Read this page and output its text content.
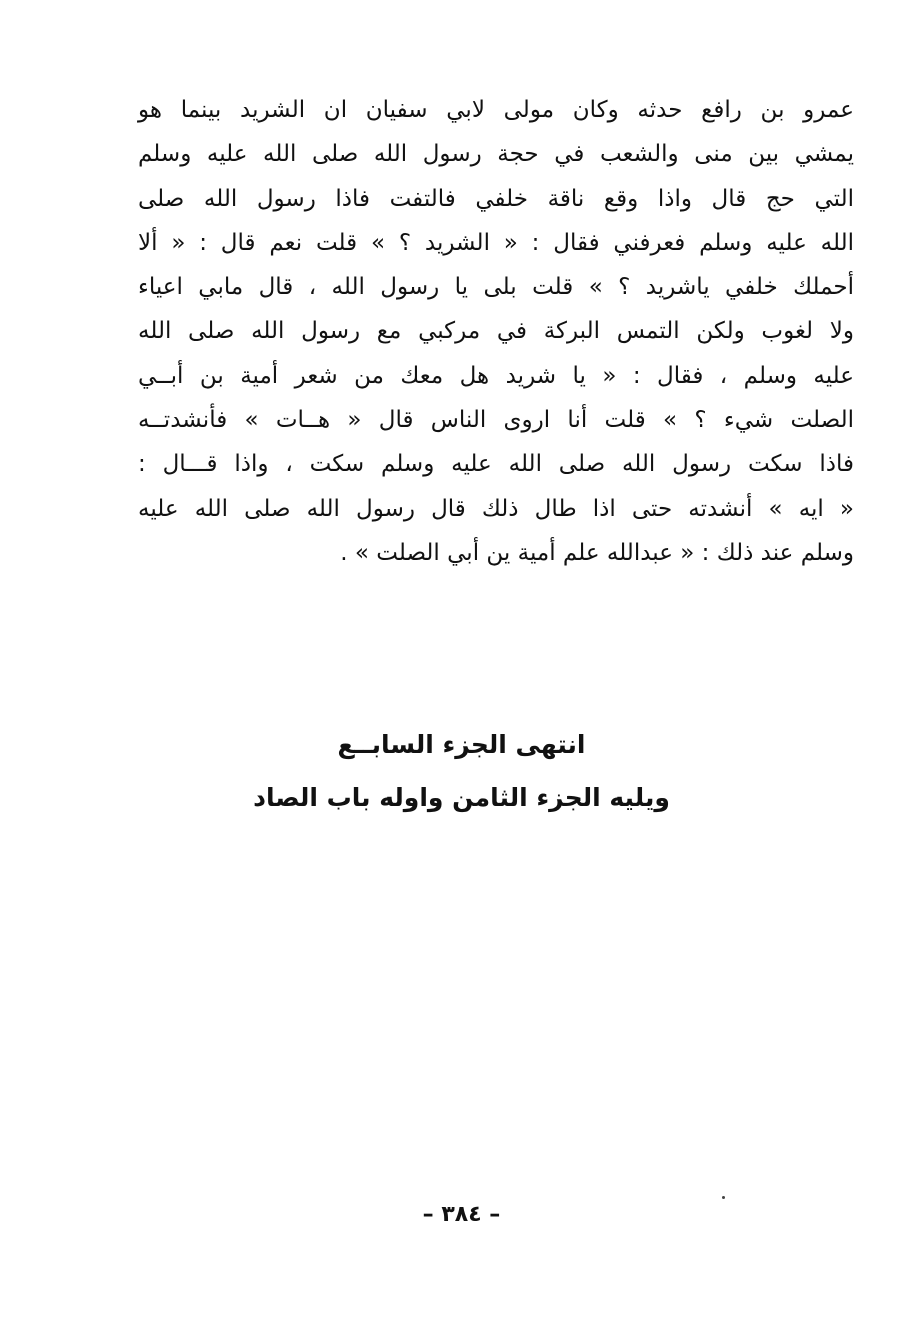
عمرو بن رافع حدثه وكان مولى لابي سفيان ان الشريد بينما هو
يمشي بين منى والشعب في حجة رسول الله صلى الله عليه وسلم
التي حج قال واذا وقع ناقة خلفي فالتفت فاذا رسول الله صلى
الله عليه وسلم فعرفني فقال : « الشريد ؟ » قلت نعم قال : « ألا
أحملك خلفي ياشريد ؟ » قلت بلى يا رسول الله ، قال مابي اعياء
ولا لغوب ولكن التمس البركة في مركبي مع رسول الله صلى الله
عليه وسلم ، فقال : « يا شريد هل معك من شعر أمية بن أبــي
الصلت شيء ؟ » قلت أنا اروى الناس قال « هــات » فأنشدتــه
فاذا سكت رسول الله صلى الله عليه وسلم سكت ، واذا قـــال :
« ايه » أنشدته حتى اذا طال ذلك قال رسول الله صلى الله عليه
وسلم عند ذلك : « عبدالله علم أمية ين أبي الصلت » .
انتهى الجزء السابــع
ويليه الجزء الثامن واوله باب الصاد
– ٣٨٤ –
